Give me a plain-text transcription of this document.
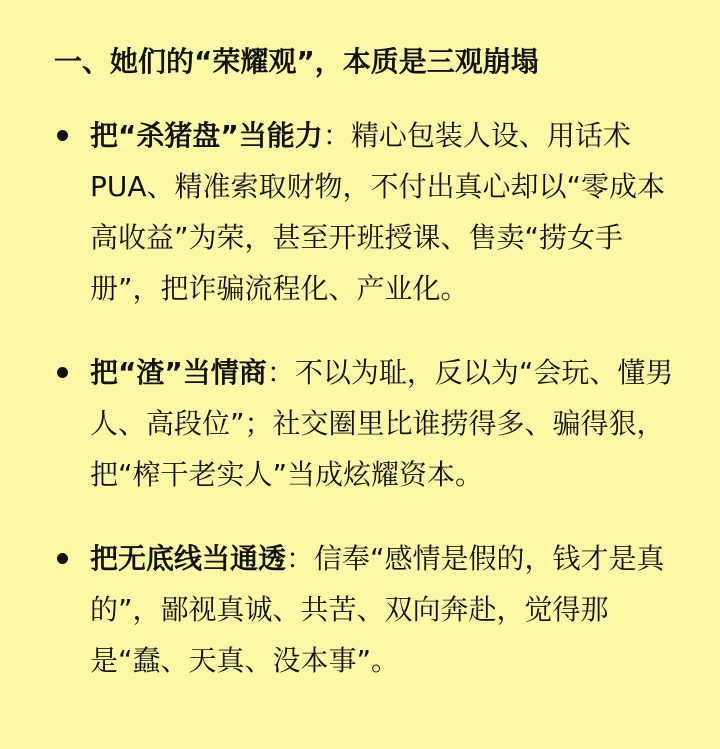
一、她们的“荣耀观”，本质是三观崩塌
把“杀猪盘”当能力：精心包装人设、用话术PUA、精准索取财物，不付出真心却以“零成本高收益”为荣，甚至开班授课、售卖“捞女手册”，把诈骗流程化、产业化。
把“渣”当情商：不以为耻，反以为“会玩、懂男人、高段位”；社交圈里比谁捞得多、骗得狠，把“榨干老实人”当成炫耀资本。
把无底线当通透：信奉“感情是假的，钱才是真的”，鄙视真诚、共苦、双向奔赴，觉得那是“蠢、天真、没本事”。
